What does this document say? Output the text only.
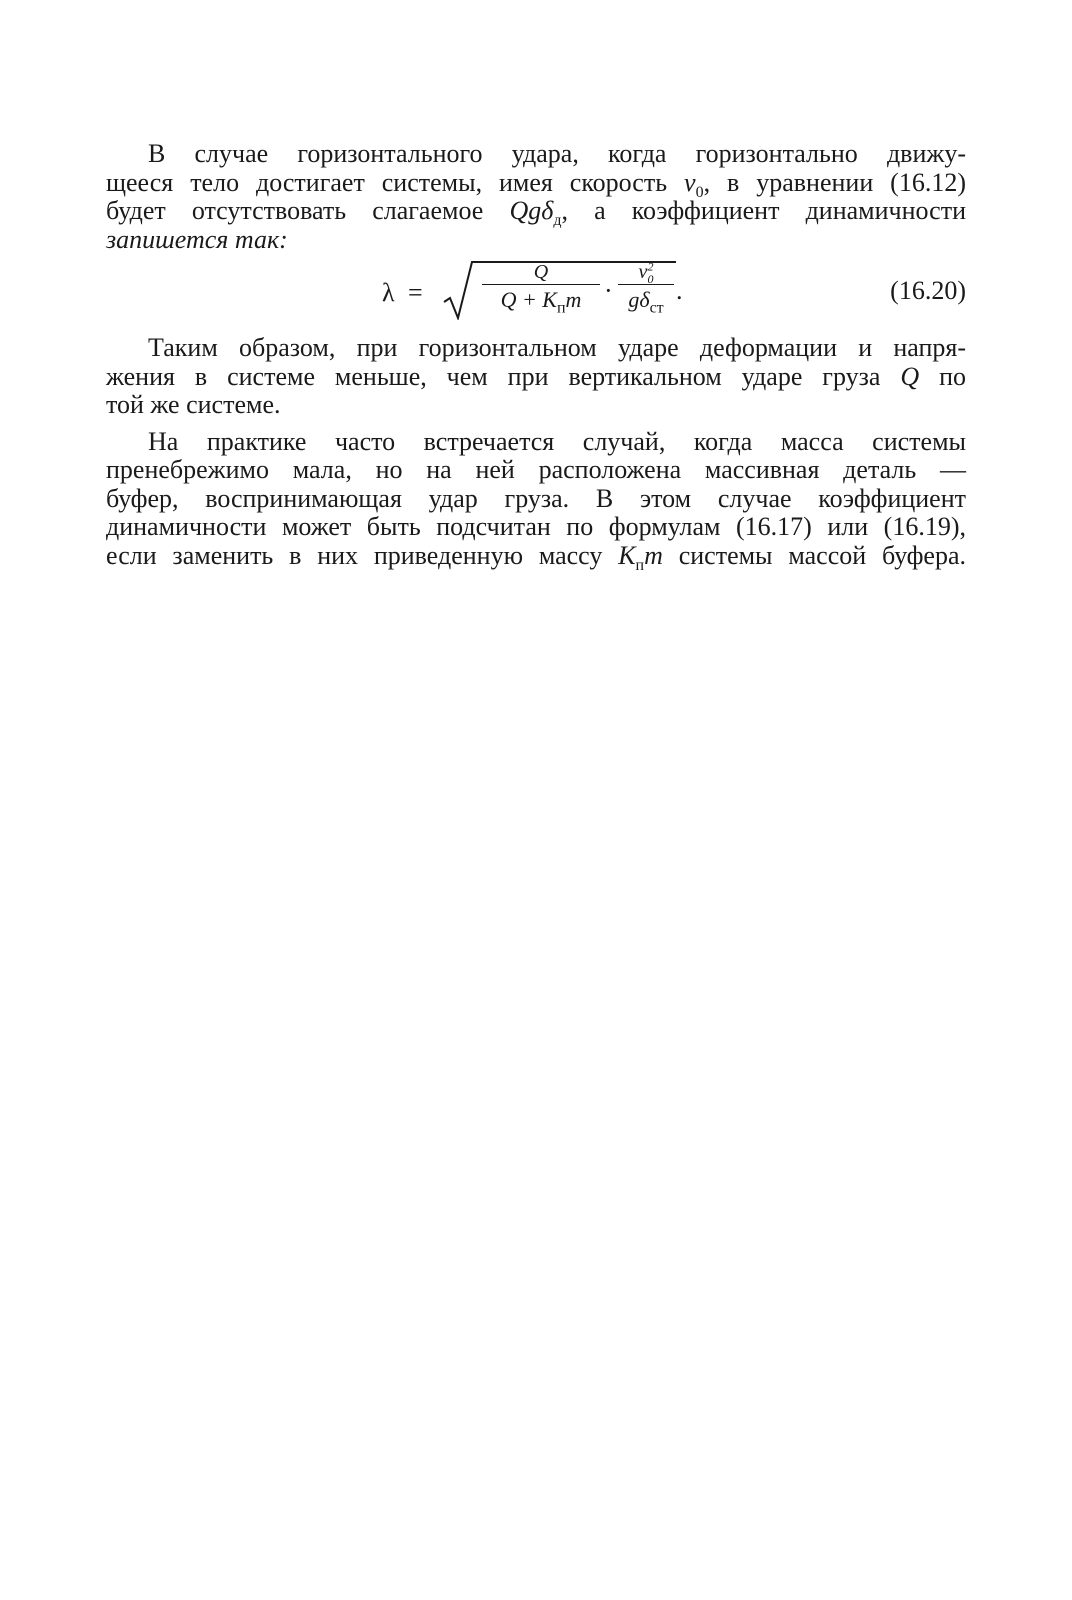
В случае горизонтального удара, когда горизонтально движу-

щееся тело достигает системы, имея скорость $v_0$, в уравнении (16.12)

будет отсутствовать слагаемое Qgδ$_д$, а коэффициент динамичности

запишется так:

λ =
Q
$Q + K_пm$ ·
$v^2_0$
$g\delta_{ст}$
.	(16.20)

Таким образом, при горизонтальном ударе деформации и напря-

жения в системе меньше, чем при вертикальном ударе груза Q по

той же системе.

На практике часто встречается случай, когда масса системы

пренебрежимо мала, но на ней расположена массивная деталь —

буфер, воспринимающая удар груза. В этом случае коэффициент

динамичности может быть подсчитан по формулам (16.17) или (16.19),

если заменить в них приведенную массу $K_пm$ системы массой буфера.
